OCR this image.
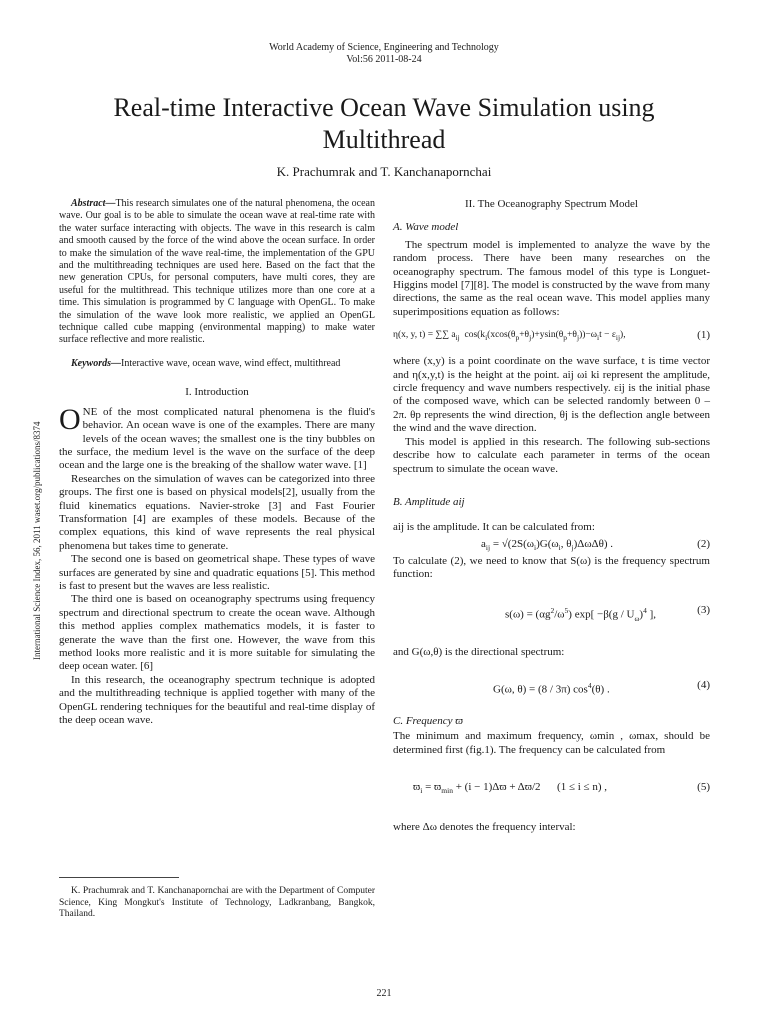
World Academy of Science, Engineering and Technology
Vol:56 2011-08-24
Real-time Interactive Ocean Wave Simulation using Multithread
K. Prachumrak and T. Kanchanapornchai
International Science Index, 56, 2011 waset.org/publications/8374

Abstract—This research simulates one of the natural phenomena, the ocean wave. Our goal is to be able to simulate the ocean wave at real-time rate with the water surface interacting with objects. The wave in this research is calm and smooth caused by the force of the wind above the ocean surface. In order to make the simulation of the wave real-time, the implementation of the GPU and the multithreading techniques are used here. Based on the fact that the new generation CPUs, for personal computers, have multi cores, they are useful for the multithread. This technique utilizes more than one core at a time. This simulation is programmed by C language with OpenGL. To make the simulation of the wave look more realistic, we applied an OpenGL technique called cube mapping (environmental mapping) to make water surface reflective and more realistic.

Keywords—Interactive wave, ocean wave, wind effect, multithread

I. Introduction

ONE of the most complicated natural phenomena is the fluid's behavior. An ocean wave is one of the examples. There are many levels of the ocean waves; the smallest one is the tiny bubbles on the surface, the medium level is the wave on the surface of the deep ocean and the large one is the breaking of the shallow water wave. [1]

Researches on the simulation of waves can be categorized into three groups. The first one is based on physical models[2], usually from the fluid kinematics equations. Navier-stroke [3] and Fast Fourier Transformation [4] are examples of these models. Because of the complex equations, this kind of wave represents the real physical phenomena but takes time to generate.

The second one is based on geometrical shape. These types of wave surfaces are generated by sine and quadratic equations [5]. This method is fast to present but the waves are less realistic.

The third one is based on oceanography spectrums using frequency spectrum and directional spectrum to create the ocean wave. Although this method applies complex mathematics models, it is faster to generate the wave than the first one. However, the wave from this method looks more realistic and it is more suitable for simulating the deep ocean water. [6]

In this research, the oceanography spectrum technique is adopted and the multithreading technique is applied together with many of the OpenGL rendering techniques for the beautiful and real-time display of the deep ocean wave.

K. Prachumrak and T. Kanchanapornchai are with the Department of Computer Science, King Mongkut's Institute of Technology, Ladkranbang, Bangkok, Thailand.

II. The Oceanography Spectrum Model

A. Wave model

The spectrum model is implemented to analyze the wave by the random process. There have been many researches on the oceanography spectrum. The famous model of this type is Longuet-Higgins model [7][8]. The model is constructed by the wave from many directions, the same as the real ocean wave. This model applies many superimpositions equation as follows:

η(x, y, t) = ∑∑ $a_{ij}$  $\cos(k_i(xcos(\theta_p+\theta_j)+ysin(\theta_p+\theta_j))-\omega_it - \varepsilon_{ij})$,	(1)

where (x,y) is a point coordinate on the wave surface, t is time vector and η(x,y,t) is the height at the point. aij ωi ki represent the amplitude, circle frequency and wave numbers respectively. εij is the initial phase of the composed wave, which can be selected randomly between 0 – 2π. θp represents the wind direction, θj is the deflection angle between the wind and the wave direction.

This model is applied in this research. The following sub-sections describe how to calculate each parameter in terms of the ocean spectrum to simulate the ocean wave.

B. Amplitude aij

aij is the amplitude. It can be calculated from:

$a_{ij} = √(2S(\omega_i)G(\omega_i$, $\theta_j)\Delta\omega\Delta\theta$) .	(2)

To calculate (2), we need to know that S(ω) is the frequency spectrum function:

$s(\omega) = (\alpha g^2/\omega^5)$ $\exp[ -\beta(g / U_\omega)^4$ ],	(3)

and G(ω,θ) is the directional spectrum:

G(ω, θ) = (8 / 3π) $\cos^4(\theta)$ .	(4)

C. Frequency ϖ

The minimum and maximum frequency, ωmin , ωmax, should be determined first (fig.1). The frequency can be calculated from

$ϖ_i = ϖ_{min} + (i - 1)\Delta ϖ + \Delta ϖ/2$      (1 ≤ i ≤ n) ,	(5)

where Δω denotes the frequency interval:

221
